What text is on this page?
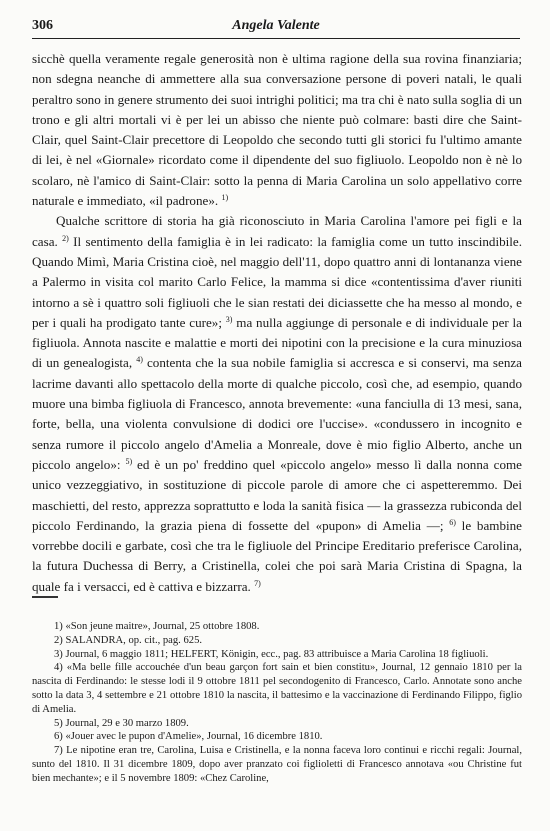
306	Angela Valente

sicchè quella veramente regale generosità non è ultima ragione della sua rovina finanziaria; non sdegna neanche di ammettere alla sua conversazione persone di poveri natali, le quali peraltro sono in genere strumento dei suoi intrighi politici; ma tra chi è nato sulla soglia di un trono e gli altri mortali vi è per lei un abisso che niente può colmare: basti dire che Saint-Clair, quel Saint-Clair precettore di Leopoldo che secondo tutti gli storici fu l'ultimo amante di lei, è nel «Giornale» ricordato come il dipendente del suo figliuolo. Leopoldo non è nè lo scolaro, nè l'amico di Saint-Clair: sotto la penna di Maria Carolina un solo appellativo corre naturale e immediato, «il padrone». $^{1)}$

Qualche scrittore di storia ha già riconosciuto in Maria Carolina l'amore pei figli e la casa. $^{2)}$ Il sentimento della famiglia è in lei radicato: la famiglia come un tutto inscindibile. Quando Mimì, Maria Cristina cioè, nel maggio dell'11, dopo quattro anni di lontananza viene a Palermo in visita col marito Carlo Felice, la mamma si dice «contentissima d'aver riuniti intorno a sè i quattro soli figliuoli che le sian restati dei diciassette che ha messo al mondo, e per i quali ha prodigato tante cure»; $^{3)}$ ma nulla aggiunge di personale e di individuale per la figliuola. Annota nascite e malattie e morti dei nipotini con la precisione e la cura minuziosa di un genealogista, $^{4)}$ contenta che la sua nobile famiglia si accresca e si conservi, ma senza lacrime davanti allo spettacolo della morte di qualche piccolo, così che, ad esempio, quando muore una bimba figliuola di Francesco, annota brevemente: «una fanciulla di 13 mesi, sana, forte, bella, una violenta convulsione di dodici ore l'uccise». «condussero in incognito e senza rumore il piccolo angelo d'Amelia a Monreale, dove è mio figlio Alberto, anche un piccolo angelo»: $^{5)}$ ed è un po' freddino quel «piccolo angelo» messo lì dalla nonna come unico vezzeggiativo, in sostituzione di piccole parole di amore che ci aspetteremmo. Dei maschietti, del resto, apprezza soprattutto e loda la sanità fisica — la grassezza rubiconda del piccolo Ferdinando, la grazia piena di fossette del «pupon» di Amelia —; $^{6)}$ le bambine vorrebbe docili e garbate, così che tra le figliuole del Principe Ereditario preferisce Carolina, la futura Duchessa di Berry, a Cristinella, colei che poi sarà Maria Cristina di Spagna, la quale fa i versacci, ed è cattiva e bizzarra. $^{7)}$

1) «Son jeune maitre», Journal, 25 ottobre 1808.

2) SALANDRA, op. cit., pag. 625.

3) Journal, 6 maggio 1811; HELFERT, Königin, ecc., pag. 83 attribuisce a Maria Carolina 18 figliuoli.

4) «Ma belle fille accouchée d'un beau garçon fort sain et bien constitu», Journal, 12 gennaio 1810 per la nascita di Ferdinando: le stesse lodi il 9 ottobre 1811 pel secondogenito di Francesco, Carlo. Annotate sono anche sotto la data 3, 4 settembre e 21 ottobre 1810 la nascita, il battesimo e la vaccinazione di Ferdinando Filippo, figlio di Amelia.

5) Journal, 29 e 30 marzo 1809.

6) «Jouer avec le pupon d'Amelie», Journal, 16 dicembre 1810.

7) Le nipotine eran tre, Carolina, Luisa e Cristinella, e la nonna faceva loro continui e ricchi regali: Journal, sunto del 1810. Il 31 dicembre 1809, dopo aver pranzato coi figlioletti di Francesco annotava «ou Christine fut bien mechante»; e il 5 novembre 1809: «Chez Caroline,
